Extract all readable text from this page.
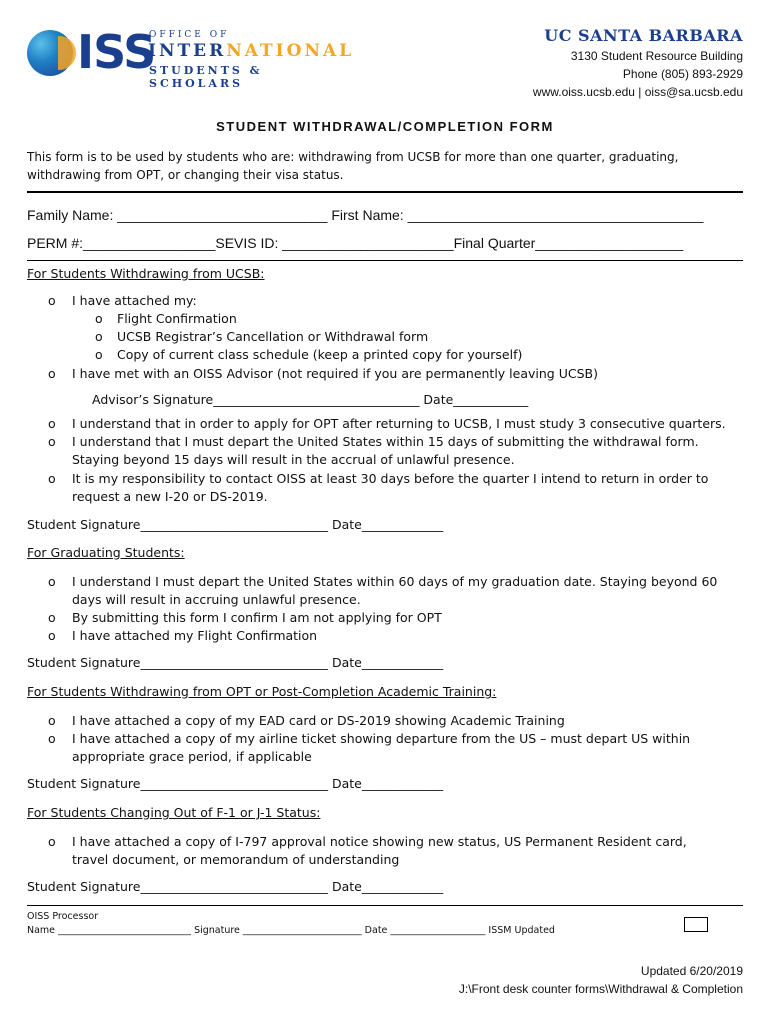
ISS
OFFICE OF
INTERNATIONAL
STUDENTS & SCHOLARS
UC SANTA BARBARA
3130 Student Resource Building
Phone (805) 893-2929
www.oiss.ucsb.edu | oiss@sa.ucsb.edu
STUDENT WITHDRAWAL/COMPLETION FORM
This form is to be used by students who are: withdrawing from UCSB for more than one quarter, graduating,
withdrawing from OPT, or changing their visa status.
Family Name: ___________________________ First Name: ______________________________________
PERM #:_________________SEVIS ID: ______________________Final Quarter___________________
For Students Withdrawing from UCSB:
o I have attached my:
o Flight Confirmation
o UCSB Registrar’s Cancellation or Withdrawal form
o Copy of current class schedule (keep a printed copy for yourself)
o I have met with an OISS Advisor (not required if you are permanently leaving UCSB)
Advisor’s Signature_________________________________ Date____________
o I understand that in order to apply for OPT after returning to UCSB, I must study 3 consecutive quarters.
o I understand that I must depart the United States within 15 days of submitting the withdrawal form.
Staying beyond 15 days will result in the accrual of unlawful presence.
o It is my responsibility to contact OISS at least 30 days before the quarter I intend to return in order to
request a new I-20 or DS-2019.
Student Signature______________________________ Date_____________
For Graduating Students:
o I understand I must depart the United States within 60 days of my graduation date. Staying beyond 60
days will result in accruing unlawful presence.
o By submitting this form I confirm I am not applying for OPT
o I have attached my Flight Confirmation
Student Signature______________________________ Date_____________
For Students Withdrawing from OPT or Post-Completion Academic Training:
o I have attached a copy of my EAD card or DS-2019 showing Academic Training
o I have attached a copy of my airline ticket showing departure from the US – must depart US within
appropriate grace period, if applicable
Student Signature______________________________ Date_____________
For Students Changing Out of F-1 or J-1 Status:
o I have attached a copy of I-797 approval notice showing new status, US Permanent Resident card,
travel document, or memorandum of understanding
Student Signature______________________________ Date_____________
OISS Processor
Name ____________________________ Signature _________________________ Date ____________________ ISSM Updated
Updated 6/20/2019
J:\Front desk counter forms\Withdrawal & Completion
